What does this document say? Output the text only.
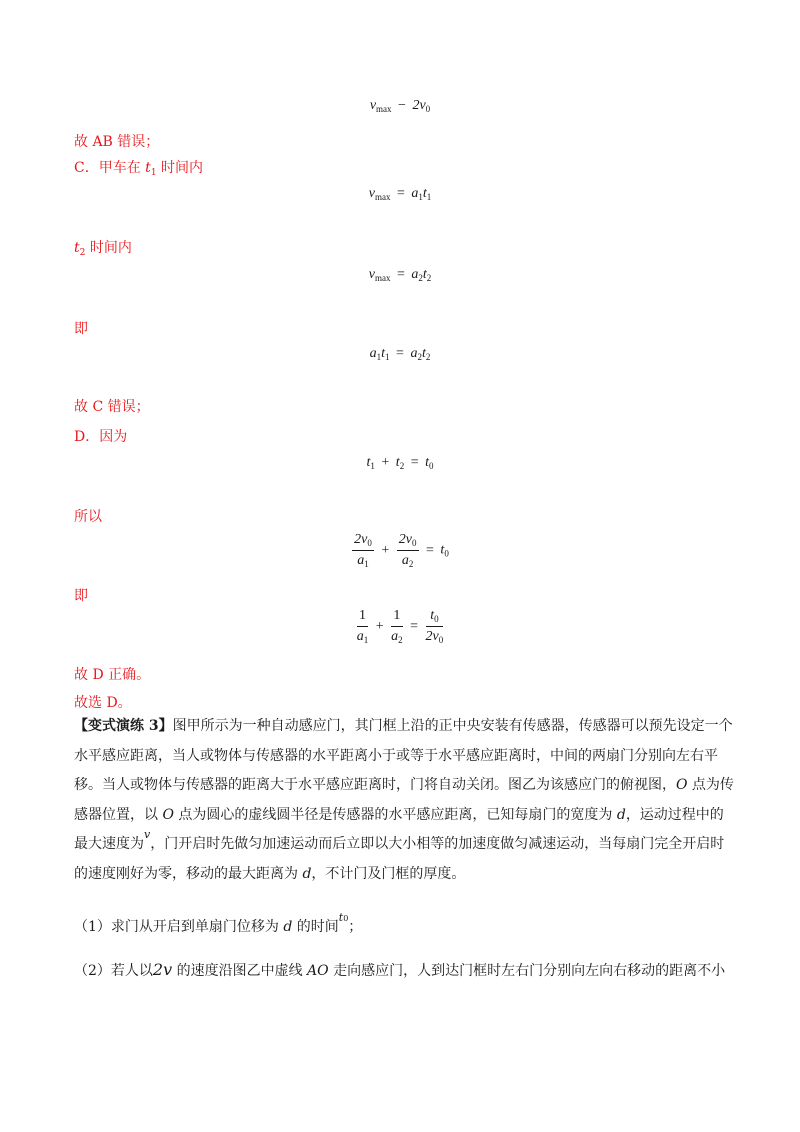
$v_{max} - 2v_0$
故 AB 错误；
C．甲车在 $t_1$ 时间内
$v_{max} = a_1t_1$
$t_2$ 时间内
$v_{max} = a_2t_2$
即
$a_1t_1 = a_2t_2$
故 C 错误；
D．因为
$t_1 + t_2 = t_0$
所以
$\frac{2v_0}{a_1} + \frac{2v_0}{a_2} = t_0$
即
$\frac{1}{a_1} + \frac{1}{a_2} = \frac{t_0}{2v_0}$
故 D 正确。
故选 D。
【变式演练 3】图甲所示为一种自动感应门，其门框上沿的正中央安装有传感器，传感器可以预先设定一个水平感应距离，当人或物体与传感器的水平距离小于或等于水平感应距离时，中间的两扇门分别向左右平移。当人或物体与传感器的距离大于水平感应距离时，门将自动关闭。图乙为该感应门的俯视图，O 点为传感器位置，以 O 点为圆心的虚线圆半径是传感器的水平感应距离，已知每扇门的宽度为 d，运动过程中的最大速度为$^v$，门开启时先做匀加速运动而后立即以大小相等的加速度做匀减速运动，当每扇门完全开启时的速度刚好为零，移动的最大距离为 d，不计门及门框的厚度。
（1）求门从开启到单扇门位移为 d 的时间$^{t0}$；
（2）若人以2v 的速度沿图乙中虚线 AO 走向感应门，人到达门框时左右门分别向左向右移动的距离不小
